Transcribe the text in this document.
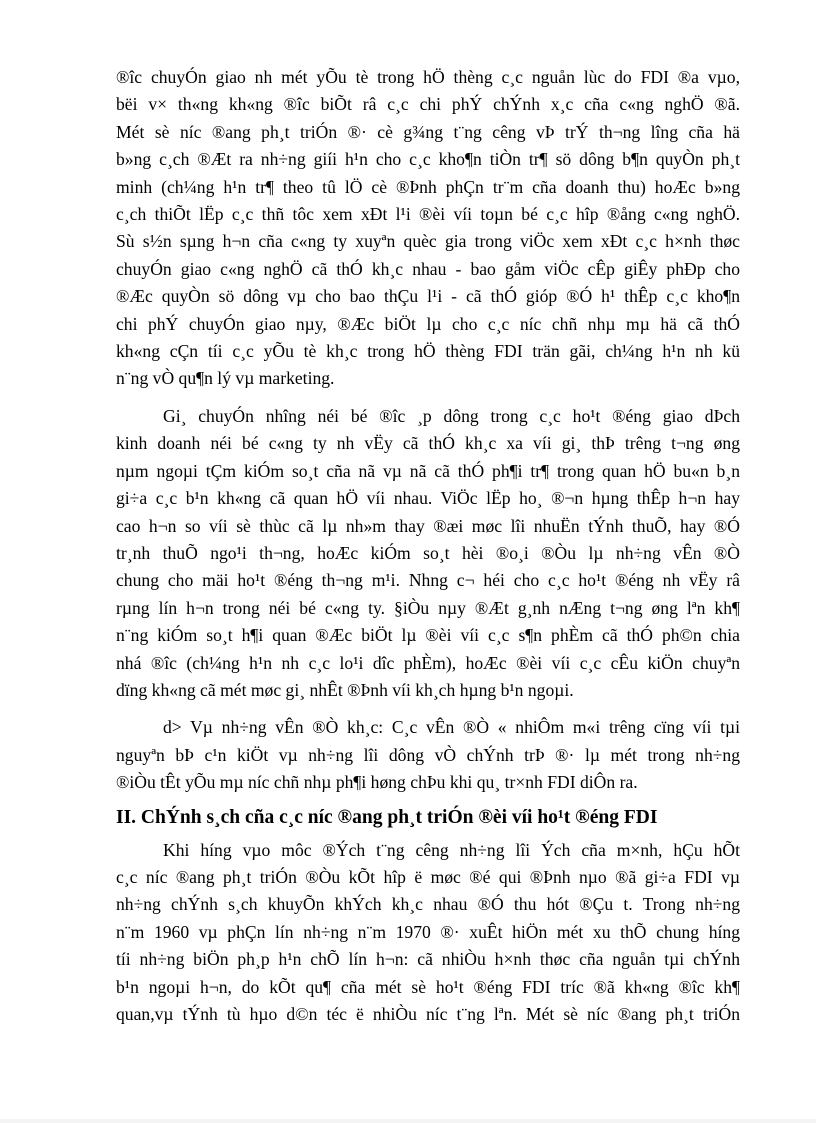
®îc chuyÓn giao nh mét yÕu tè trong hÖ thèng c¸c nguån lùc do FDI ®a vµo,
bëi v× th«ng kh«ng ®îc biÕt râ c¸c chi phÝ chÝnh x¸c cña c«ng nghÖ ®ã.
Mét sè níc ®ang ph¸t triÓn ®· cè g¾ng t¨ng cêng vÞ trÝ th¬ng lîng cña hä
b»ng c¸ch ®Æt ra nh÷ng giíi h¹n cho c¸c kho¶n tiÒn tr¶ sö dông b¶n quyÒn ph¸t
minh (ch¼ng h¹n tr¶ theo tû lÖ cè ®Þnh phÇn tr¨m cña doanh thu) hoÆc b»ng
c¸ch thiÕt lËp c¸c thñ tôc xem xÐt l¹i ®èi víi toµn bé c¸c hîp ®ång c«ng nghÖ.
Sù s½n sµng h¬n cña c«ng ty xuyªn quèc gia trong viÖc xem xÐt c¸c h×nh thøc
chuyÓn giao c«ng nghÖ cã thÓ kh¸c nhau - bao gåm viÖc cÊp giÊy phÐp cho
®Æc quyÒn sö dông vµ cho bao thÇu l¹i - cã thÓ gióp ®Ó h¹ thÊp c¸c kho¶n
chi phÝ chuyÓn giao nµy, ®Æc biÖt lµ cho c¸c níc chñ nhµ mµ hä cã thÓ
kh«ng cÇn tíi c¸c yÕu tè kh¸c trong hÖ thèng FDI trän gãi, ch¼ng h¹n nh kü
n¨ng vÒ qu¶n lý vµ marketing.

Gi¸ chuyÓn nhîng néi bé ®îc ¸p dông trong c¸c ho¹t ®éng giao dÞch
kinh doanh néi bé c«ng ty nh vËy cã thÓ kh¸c xa víi gi¸ thÞ trêng t¬ng øng
nµm ngoµi tÇm kiÓm so¸t cña nã vµ nã cã thÓ ph¶i tr¶ trong quan hÖ bu«n b¸n
gi÷a c¸c b¹n kh«ng cã quan hÖ víi nhau. ViÖc lËp ho¸ ®¬n hµng thÊp h¬n hay
cao h¬n so víi sè thùc cã lµ nh»m thay ®æi møc lîi nhuËn tÝnh thuÕ, hay ®Ó
tr¸nh thuÕ ngo¹i th¬ng, hoÆc kiÓm so¸t hèi ®o¸i ®Òu lµ nh÷ng vÊn ®Ò
chung cho mäi ho¹t ®éng th¬ng m¹i. Nhng c¬ héi cho c¸c ho¹t ®éng nh vËy râ
rµng lín h¬n trong néi bé c«ng ty. §iÒu nµy ®Æt g¸nh nÆng t¬ng øng lªn kh¶
n¨ng kiÓm so¸t h¶i quan ®Æc biÖt lµ ®èi víi c¸c s¶n phÈm cã thÓ ph©n chia
nhá ®îc (ch¼ng h¹n nh c¸c lo¹i dîc phÈm), hoÆc ®èi víi c¸c cÊu kiÖn chuyªn
dïng kh«ng cã mét møc gi¸ nhÊt ®Þnh víi kh¸ch hµng b¹n ngoµi.

d> Vµ nh÷ng vÊn ®Ò kh¸c: C¸c vÊn ®Ò « nhiÔm m«i trêng cïng víi tµi
nguyªn bÞ c¹n kiÖt vµ nh÷ng lîi dông vÒ chÝnh trÞ ®· lµ mét trong nh÷ng
®iÒu tÊt yÕu mµ níc chñ nhµ ph¶i høng chÞu khi qu¸ tr×nh FDI diÔn ra.

II. ChÝnh s¸ch cña c¸c níc ®ang ph¸t triÓn ®èi víi ho¹t ®éng FDI

Khi híng vµo môc ®Ých t¨ng cêng nh÷ng lîi Ých cña m×nh, hÇu hÕt
c¸c níc ®ang ph¸t triÓn ®Òu kÕt hîp ë møc ®é qui ®Þnh nµo ®ã gi÷a FDI vµ
nh÷ng chÝnh s¸ch khuyÕn khÝch kh¸c nhau ®Ó thu hót ®Çu t. Trong nh÷ng
n¨m 1960 vµ phÇn lín nh÷ng n¨m 1970 ®· xuÊt hiÖn mét xu thÕ chung híng
tíi nh÷ng biÖn ph¸p h¹n chÕ lín h¬n: cã nhiÒu h×nh thøc cña nguån tµi chÝnh
b¹n ngoµi h¬n, do kÕt qu¶ cña mét sè ho¹t ®éng FDI tríc ®ã kh«ng ®îc kh¶
quan,vµ tÝnh tù hµo d©n téc ë nhiÒu níc t¨ng lªn. Mét sè níc ®ang ph¸t triÓn
